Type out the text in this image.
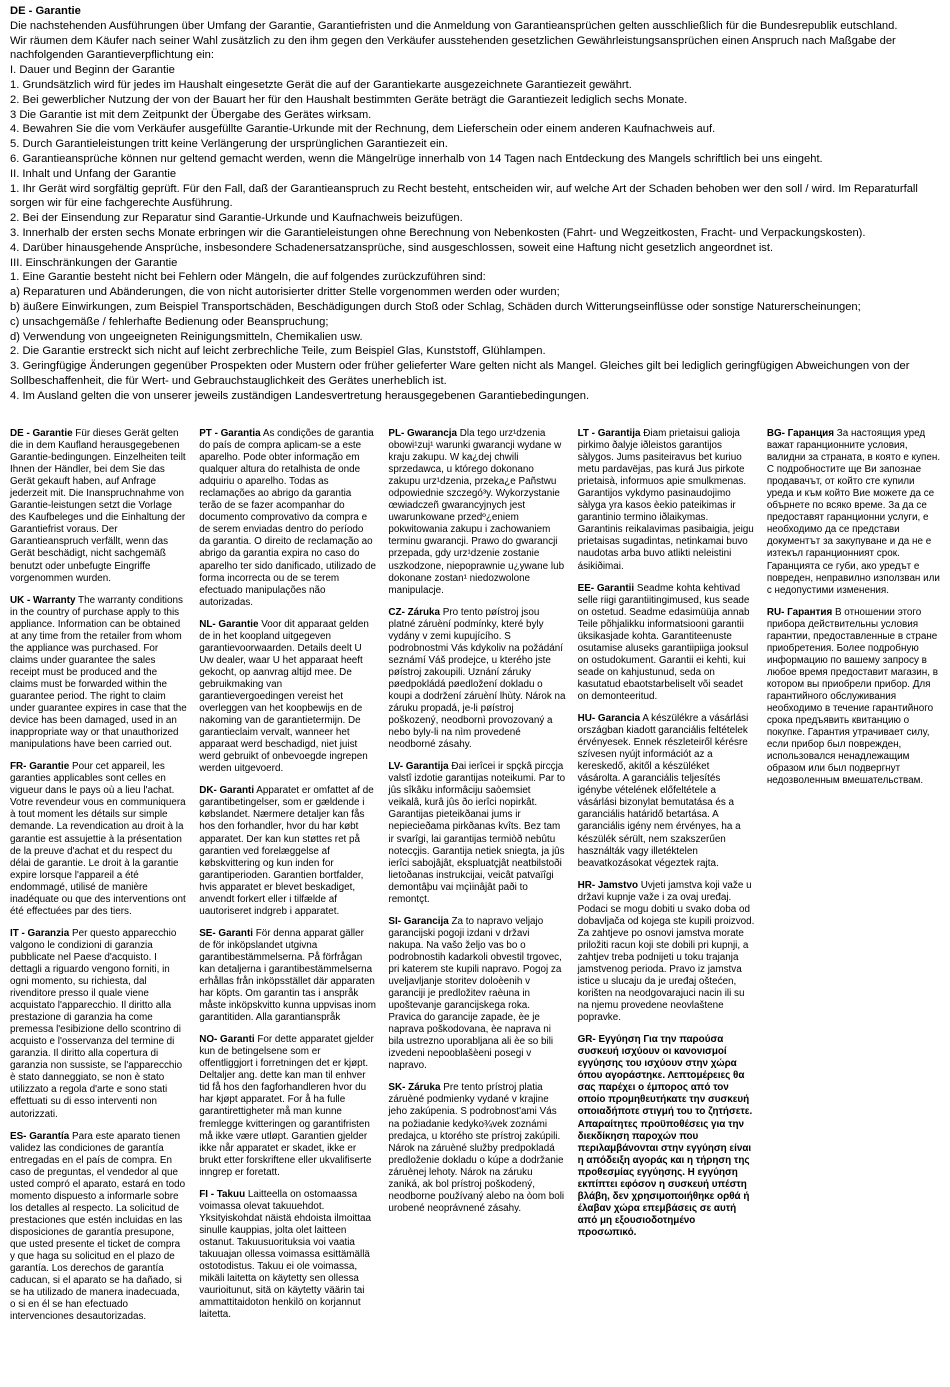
DE - Garantie
Die nachstehenden Ausführungen über Umfang der Garantie, Garantiefristen und die Anmeldung von Garantieansprüchen gelten ausschließlich für die Bundesrepublik eutschland.
Wir räumen dem Käufer nach seiner Wahl zusätzlich zu den ihm gegen den Verkäufer ausstehenden gesetzlichen Gewährleistungsansprüchen einen Anspruch nach Maßgabe der nachfolgenden Garantieverpflichtung ein:
I. Dauer und Beginn der Garantie
1. Grundsätzlich wird für jedes im Haushalt eingesetzte Gerät die auf der Garantiekarte ausgezeichnete Garantiezeit gewährt.
2. Bei gewerblicher Nutzung der von der Bauart her für den Haushalt bestimmten Geräte beträgt die Garantiezeit lediglich sechs Monate.
3 Die Garantie ist mit dem Zeitpunkt der Übergabe des Gerätes wirksam.
4. Bewahren Sie die vom Verkäufer ausgefüllte Garantie-Urkunde mit der Rechnung, dem Lieferschein oder einem anderen Kaufnachweis auf.
5. Durch Garantieleistungen tritt keine Verlängerung der ursprünglichen Garantiezeit ein.
6. Garantieansprüche können nur geltend gemacht werden, wenn die Mängelrüge innerhalb von 14 Tagen nach Entdeckung des Mangels schriftlich bei uns eingeht.
II. Inhalt und Unfang der Garantie
1. Ihr Gerät wird sorgfältig geprüft. Für den Fall, daß der Garantieanspruch zu Recht besteht, entscheiden wir, auf welche Art der Schaden behoben wer den soll / wird. Im Reparaturfall sorgen wir für eine fachgerechte Ausführung.
2. Bei der Einsendung zur Reparatur sind Garantie-Urkunde und Kaufnachweis beizufügen.
3. Innerhalb der ersten sechs Monate erbringen wir die Garantieleistungen ohne Berechnung von Nebenkosten (Fahrt- und Wegzeitkosten, Fracht- und Verpackungskosten).
4. Darüber hinausgehende Ansprüche, insbesondere Schadenersatzansprüche, sind ausgeschlossen, soweit eine Haftung nicht gesetzlich angeordnet ist.
III. Einschränkungen der Garantie
1. Eine Garantie besteht nicht bei Fehlern oder Mängeln, die auf folgendes zurückzuführen sind:
a) Reparaturen und Abänderungen, die von nicht autorisierter dritter Stelle vorgenommen werden oder wurden;
b) äußere Einwirkungen, zum Beispiel Transportschäden, Beschädigungen durch Stoß oder Schlag, Schäden durch Witterungseinflüsse oder sonstige Naturerscheinungen;
c) unsachgemäße / fehlerhafte Bedienung oder Beanspruchung;
d) Verwendung von ungeeigneten Reinigungsmitteln, Chemikalien usw.
2. Die Garantie erstreckt sich nicht auf leicht zerbrechliche Teile, zum Beispiel Glas, Kunststoff, Glühlampen.
3. Geringfügige Änderungen gegenüber Prospekten oder Mustern oder früher gelieferter Ware gelten nicht als Mangel. Gleiches gilt bei lediglich geringfügigen Abweichungen von der Sollbeschaffenheit, die für Wert- und Gebrauchstauglichkeit des Gerätes unerheblich ist.
4. Im Ausland gelten die von unserer jeweils zuständigen Landesvertretung herausgegebenen Garantiebedingungen.
DE - Garantie Für dieses Gerät gelten die in dem Kaufland herausgegebenen Garantie-bedingungen. Einzelheiten teilt Ihnen der Händler, bei dem Sie das Gerät gekauft haben, auf Anfrage jederzeit mit. Die Inanspruchnahme von Garantie-leistungen setzt die Vorlage des Kaufbeleges und die Einhaltung der Garantiefrist voraus. Der Garantieanspruch verfällt, wenn das Gerät beschädigt, nicht sachgemäß benutzt oder unbefugte Eingriffe vorgenommen wurden.
UK - Warranty The warranty conditions in the country of purchase apply to this appliance. Information can be obtained at any time from the retailer from whom the appliance was purchased. For claims under guarantee the sales receipt must be produced and the claims must be forwarded within the guarantee period. The right to claim under guarantee expires in case that the device has been damaged, used in an inappropriate way or that unauthorized manipulations have been carried out.
FR- Garantie Pour cet appareil, les garanties applicables sont celles en vigueur dans le pays où a lieu l'achat. Votre revendeur vous en communiquera à tout moment les détails sur simple demande. La revendication au droit à la garantie est assujettie à la présentation de la preuve d'achat et du respect du délai de garantie. Le droit à la garantie expire lorsque l'appareil a été endommagé, utilisé de manière inadéquate ou que des interventions ont été effectuées par des tiers.
IT - Garanzia Per questo apparecchio valgono le condizioni di garanzia pubblicate nel Paese d'acquisto. I dettagli a riguardo vengono forniti, in ogni momento, su richiesta, dal rivenditore presso il quale viene acquistato l'apparecchio. Il diritto alla prestazione di garanzia ha come premessa l'esibizione dello scontrino di acquisto e l'osservanza del termine di garanzia. Il diritto alla copertura di garanzia non sussiste, se l'apparecchio è stato danneggiato, se non è stato utilizzato a regola d'arte e sono stati effettuati su di esso interventi non autorizzati.
ES- Garantía Para este aparato tienen validez las condiciones de garantía entregadas en el país de compra. En caso de preguntas, el vendedor al que usted compró el aparato, estará en todo momento dispuesto a informarle sobre los detalles al respecto. La solicitud de prestaciones que estén incluidas en las disposiciones de garantía presupone, que usted presente el ticket de compra y que haga su solicitud en el plazo de garantía. Los derechos de garantía caducan, si el aparato se ha dañado, si se ha utilizado de manera inadecuada, o si en él se han efectuado intervenciones desautorizadas.
PT - Garantia As condições de garantia do país de compra aplicam-se a este aparelho. Pode obter informação em qualquer altura do retalhista de onde adquiriu o aparelho. Todas as reclamações ao abrigo da garantia terão de se fazer acompanhar do documento comprovativo da compra e de serem enviadas dentro do período da garantia. O direito de reclamação ao abrigo da garantia expira no caso do aparelho ter sido danificado, utilizado de forma incorrecta ou de se terem efectuado manipulações não autorizadas.
NL- Garantie Voor dit apparaat gelden de in het koopland uitgegeven garantievoorwaarden. Details deelt U Uw dealer, waar U het apparaat heeft gekocht, op aanvrag altijd mee. De gebruikmaking van garantievergoedingen vereist het overleggen van het koopbewijs en de nakoming van de garantietermijn. De garantieclaim vervalt, wanneer het apparaat werd beschadigd, niet juist werd gebruikt of onbevoegde ingrepen werden uitgevoerd.
DK- Garanti Apparatet er omfattet af de garantibetingelser, som er gældende i købslandet. Nærmere detaljer kan fås hos den forhandler, hvor du har købt apparatet. Der kan kun støttes ret på garantien ved forelæggelse af købskvittering og kun inden for garantiperioden. Garantien bortfalder, hvis apparatet er blevet beskadiget, anvendt forkert eller i tilfælde af uautoriseret indgreb i apparatet.
SE- Garanti För denna apparat gäller de för inköpslandet utgivna garantibestämmelserna. På förfrågan kan detaljerna i garantibestämmelserna erhållas från inköpsstället där apparaten har köpts. Om garantin tas i anspråk måste inköpskvitto kunna uppvisas inom garantitiden. Alla garantianspråk
NO- Garanti For dette apparatet gjelder kun de betingelsene som er offentliggjort i forretningen det er kjøpt. Deltaljer ang. dette kan man til enhver tid få hos den fagforhandleren hvor du har kjøpt apparatet. For å ha fulle garantirettigheter må man kunne fremlegge kvitteringen og garantifristen må ikke være utløpt. Garantien gjelder ikke når apparatet er skadet, ikke er brukt etter forskriftene eller ukvalifiserte inngrep er foretatt.
FI - Takuu Laitteella on ostomaassa voimassa olevat takuuehdot. Yksityiskohdat näistä ehdoista ilmoittaa sinulle kauppias, jolta olet laitteen ostanut. Takuusuorituksia voi vaatia takuuajan ollessa voimassa esittämällä ostotodistus. Takuu ei ole voimassa, mikäli laitetta on käytetty sen ollessa vaurioitunut, sitä on käytetty väärin tai ammattitaidoton henkilö on korjannut laitetta.
PL- Gwarancja Dla tego urz¹dzenia obowi¹zuj¹ warunki gwarancji wydane w kraju zakupu. W ka¿dej chwili sprzedawca, u którego dokonano zakupu urz¹dzenia, przeka¿e Pañstwu odpowiednie szczegó³y. Wykorzystanie œwiadczeñ gwarancyjnych jest uwarunkowane przedº¿eniem pokwitowania zakupu i zachowaniem terminu gwarancji. Prawo do gwarancji przepada, gdy urz¹dzenie zostanie uszkodzone, niepoprawnie u¿ywane lub dokonane zostan¹ niedozwolone manipulacje.
CZ- Záruka Pro tento pøístroj jsou platné záruèní podmínky, které byly vydány v zemi kupujícího. S podrobnostmi Vás kdykoliv na požádání seznámí Váš prodejce, u kterého jste pøístroj zakoupili. Uznání záruky pøedpokládá pøedložení dokladu o koupi a dodržení záruèní lhùty. Nárok na záruku propadá, je-li pøístroj poškozený, neodbornì provozovaný a nebo byly-li na nìm provedené neodborné zásahy.
LV- Garantija Ðai ierîcei ir spçkâ pircçja valstî izdotie garantijas noteikumi. Par to jûs sîkâku informâciju saòemsiet veikalâ, kurâ jûs ðo ierîci nopirkât. Garantijas pieteikðanai jums ir nepiecieðama pirkðanas kvîts. Bez tam ir svarîgi, lai garantijas termiòð nebûtu notecçjis. Garantija netiek sniegta, ja jûs ierîci sabojâjât, ekspluatçjât neatbilstoði lietoðanas instrukcijai, veicât patvaïîgi demontâþu vai mçìinâjât paði to remontçt.
SI- Garancija Za to napravo veljajo garancijski pogoji izdani v državi nakupa. Na vašo željo vas bo o podrobnostih kadarkoli obvestil trgovec, pri katerem ste kupili napravo. Pogoj za uveljavljanje storitev doloèenih v garanciji je predložitev raèuna in upoštevanje garancijskega roka. Pravica do garancije zapade, èe je naprava poškodovana, èe naprava ni bila ustrezno uporabljana ali èe so bili izvedeni nepooblašèeni posegi v napravo.
SK- Záruka Pre tento prístroj platia záruèné podmienky vydané v krajine jeho zakúpenia. S podrobnost'ami Vás na požiadanie kedyko¾vek zoznámi predajca, u ktorého ste prístroj zakúpili. Nárok na záruèné služby predpokladá predloženie dokladu o kúpe a dodržanie záruènej lehoty. Nárok na záruku zaniká, ak bol prístroj poškodený, neodborne používaný alebo na òom boli urobené neoprávnené zásahy.
LT - Garantija Ðiam prietaisui galioja pirkimo ðalyje iðleistos garantijos sàlygos. Jums pasiteiravus bet kuriuo metu pardavëjas, pas kurá Jus pirkote prietaisà, informuos apie smulkmenas. Garantijos vykdymo pasinaudojimo sàlyga yra kasos èekio pateikimas ir garantinio termino iðlaikymas. Garantinis reikalavimas pasibaigia, jeigu prietaisas sugadintas, netinkamai buvo naudotas arba buvo atlikti neleistini ásikiðimai.
EE- Garantii Seadme kohta kehtivad selle riigi garantiitingimused, kus seade on ostetud. Seadme edasimüüja annab Teile põhjalikku informatsiooni garantii üksikasjade kohta. Garantiteenuste osutamise aluseks garantiipiiga jooksul on ostudokument. Garantii ei kehti, kui seade on kahjustunud, seda on kasutatud ebaotstarbeliselt või seadet on demonteeritud.
HU- Garancia A készülékre a vásárlási országban kiadott garanciális feltételek érvényesek. Ennek részleteiről kérésre szívesen nyújt információt az a kereskedő, akitől a készüléket vásárolta. A garanciális teljesítés igénybe vételének előfeltétele a vásárlási bizonylat bemutatása és a garanciális határidő betartása. A garanciális igény nem érvényes, ha a készülék sérült, nem szakszerűen használták vagy illetéktelen beavatkozásokat végeztek rajta.
HR- Jamstvo Uvjeti jamstva koji važe u državi kupnje važe i za ovaj uređaj. Podaci se mogu dobiti u svako doba od dobavljača od kojega ste kupili proizvod. Za zahtjeve po osnovi jamstva morate priložiti racun koji ste dobili pri kupnji, a zahtjev treba podnijeti u toku trajanja jamstvenog perioda. Pravo iz jamstva istice u slucaju da je uređaj oštećen, korišten na neodgovarajuci nacin ili su na njemu provedene neovlaštene popravke.
GR- Εγγύηση Για την παρούσα συσκευή ισχύουν οι κανονισμοί εγγύησης του ισχύουν στην χώρα όπου αγοράστηκε. Λεπτομέρειες θα σας παρέχει ο έμπορος από τον οποίο προμηθευτήκατε την συσκευή οποιαδήποτε στιγμή του το ζητήσετε. Απαραίτητες προϋποθέσεις για την διεκδίκηση παροχών που περιλαμβάνονται στην εγγύηση είναι η απόδειξη αγοράς και η τήρηση της προθεσμίας εγγύησης. Η εγγύηση εκπίπτει εφόσον η συσκευή υπέστη βλάβη, δεν χρησιμοποιήθηκε ορθά ή έλαβαν χώρα επεμβάσεις σε αυτή από μη εξουσιοδοτημένο προσωπικό.
BG- Гаранция За настоящия уред важат гаранционните условия, валидни за страната, в която е купен. С подробностите ще Ви запознае продавачът, от който сте купили уреда и към който Вие можете да се обърнете по всяко време. За да се предоставят гаранционни услуги, е необходимо да се представи документът за закупуване и да не е изтекъл гаранционният срок. Гаранцията се губи, ако уредът е повреден, неправилно използван или с недопустими изменения.
RU- Гарантия В отношении этого прибора действительны условия гарантии, предоставленные в стране приобретения. Более подробную информацию по вашему запросу в любое время предоставит магазин, в котором вы приобрели прибор. Для гарантийного обслуживания необходимо в течение гарантийного срока предъявить квитанцию о покупке. Гарантия утрачивает силу, если прибор был поврежден, использовался ненадлежащим образом или был подвергнут недозволенным вмешательствам.
